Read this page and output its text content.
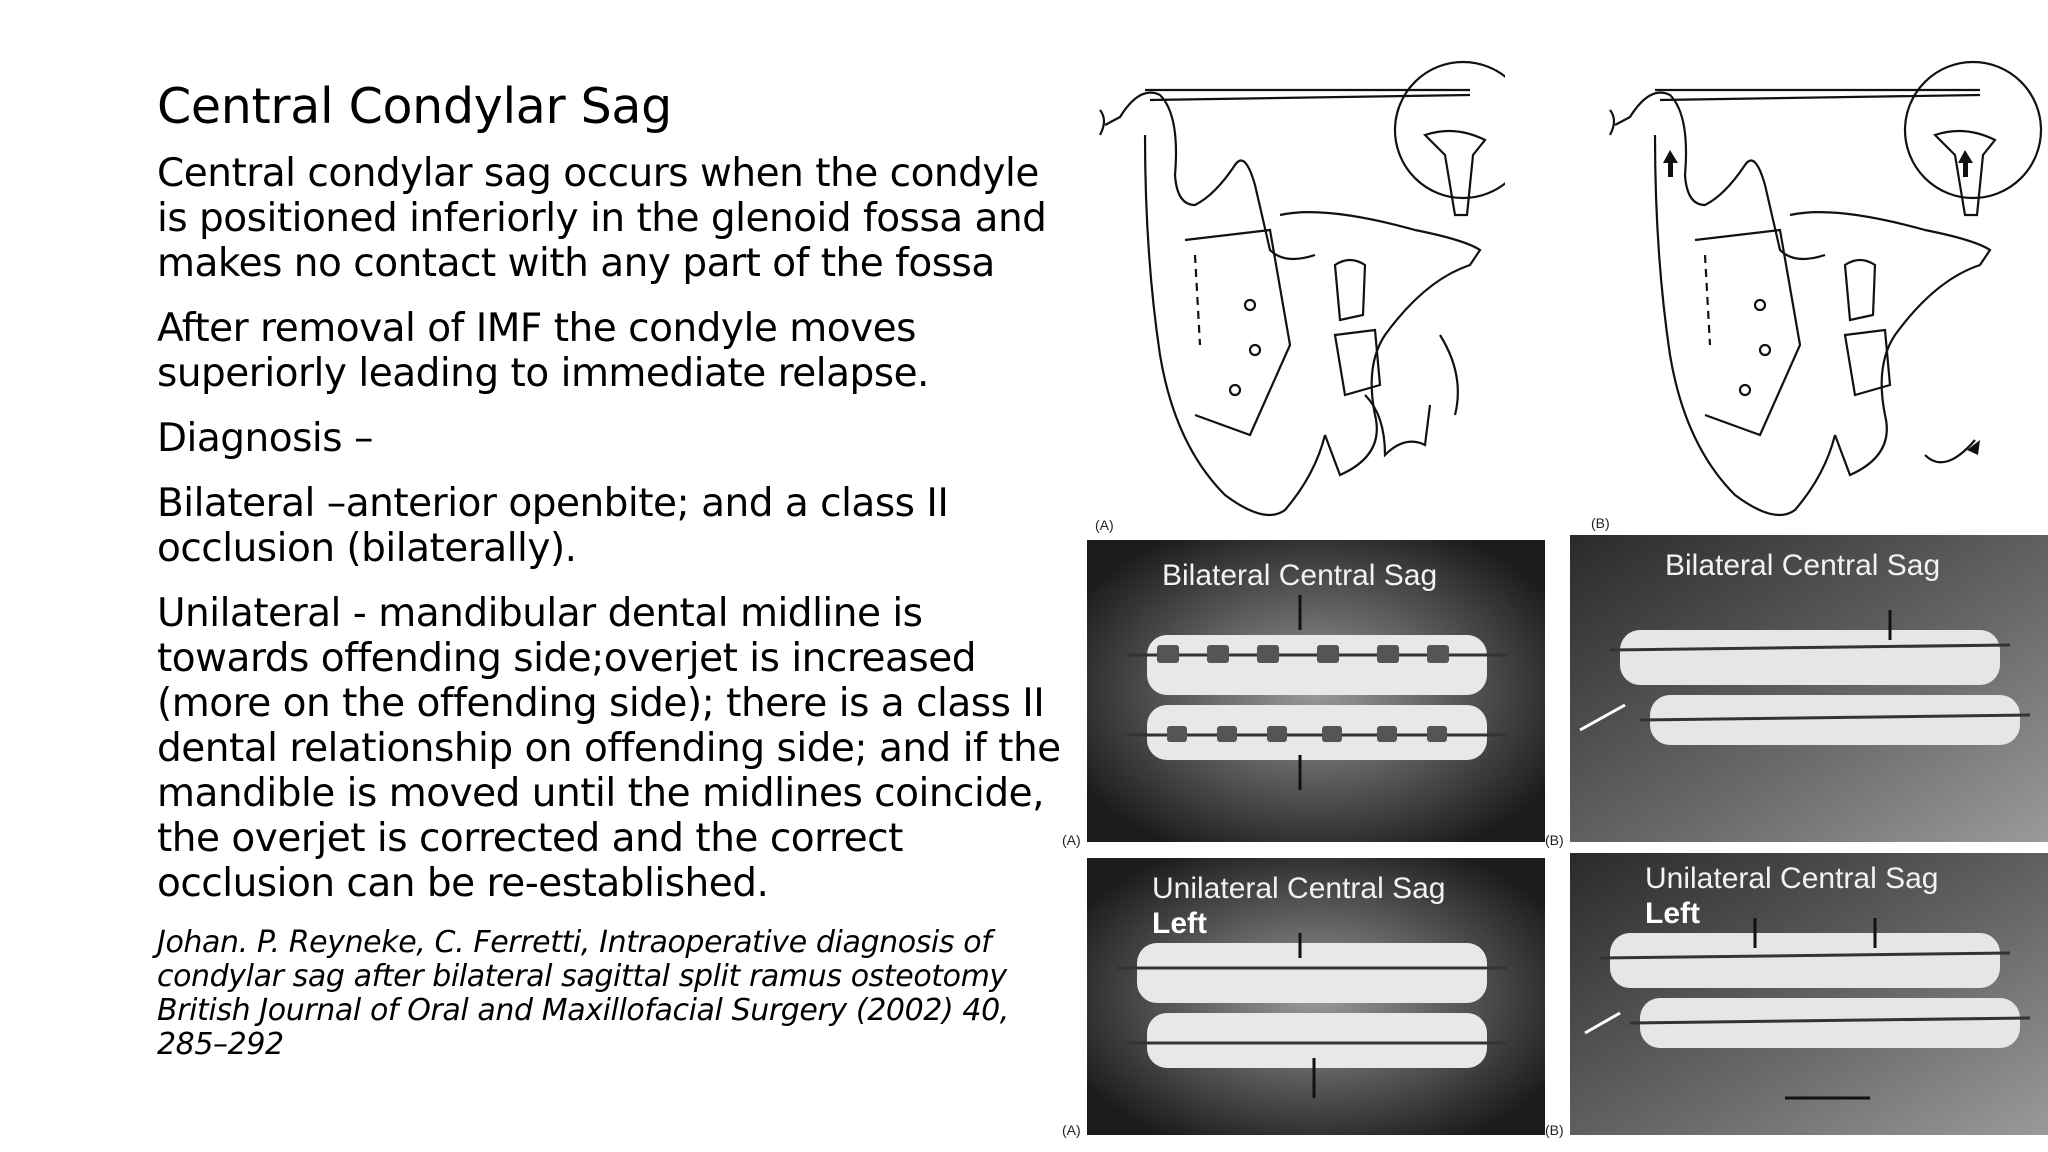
Central Condylar Sag

Central condylar sag occurs when the condyle is positioned inferiorly in the glenoid fossa and makes no contact with any part of the fossa

After removal of IMF the condyle moves superiorly leading to immediate relapse.

Diagnosis –

Bilateral –anterior openbite; and a class II occlusion (bilaterally).

Unilateral - mandibular dental midline is towards offending side;overjet is increased (more on the offending side); there is a class II dental relationship on offending side; and if the mandible is moved until the midlines coincide, the overjet is corrected and the correct occlusion can be re-established.

Johan. P. Reyneke, C. Ferretti, Intraoperative diagnosis of condylar sag after bilateral sagittal split ramus osteotomy British Journal of Oral and Maxillofacial Surgery (2002) 40, 285–292
(A)	(B)
Bilateral Central Sag
(A)
Bilateral Central Sag
(B)
Unilateral Central Sag
Left
(A)
Unilateral Central Sag
Left
(B)
